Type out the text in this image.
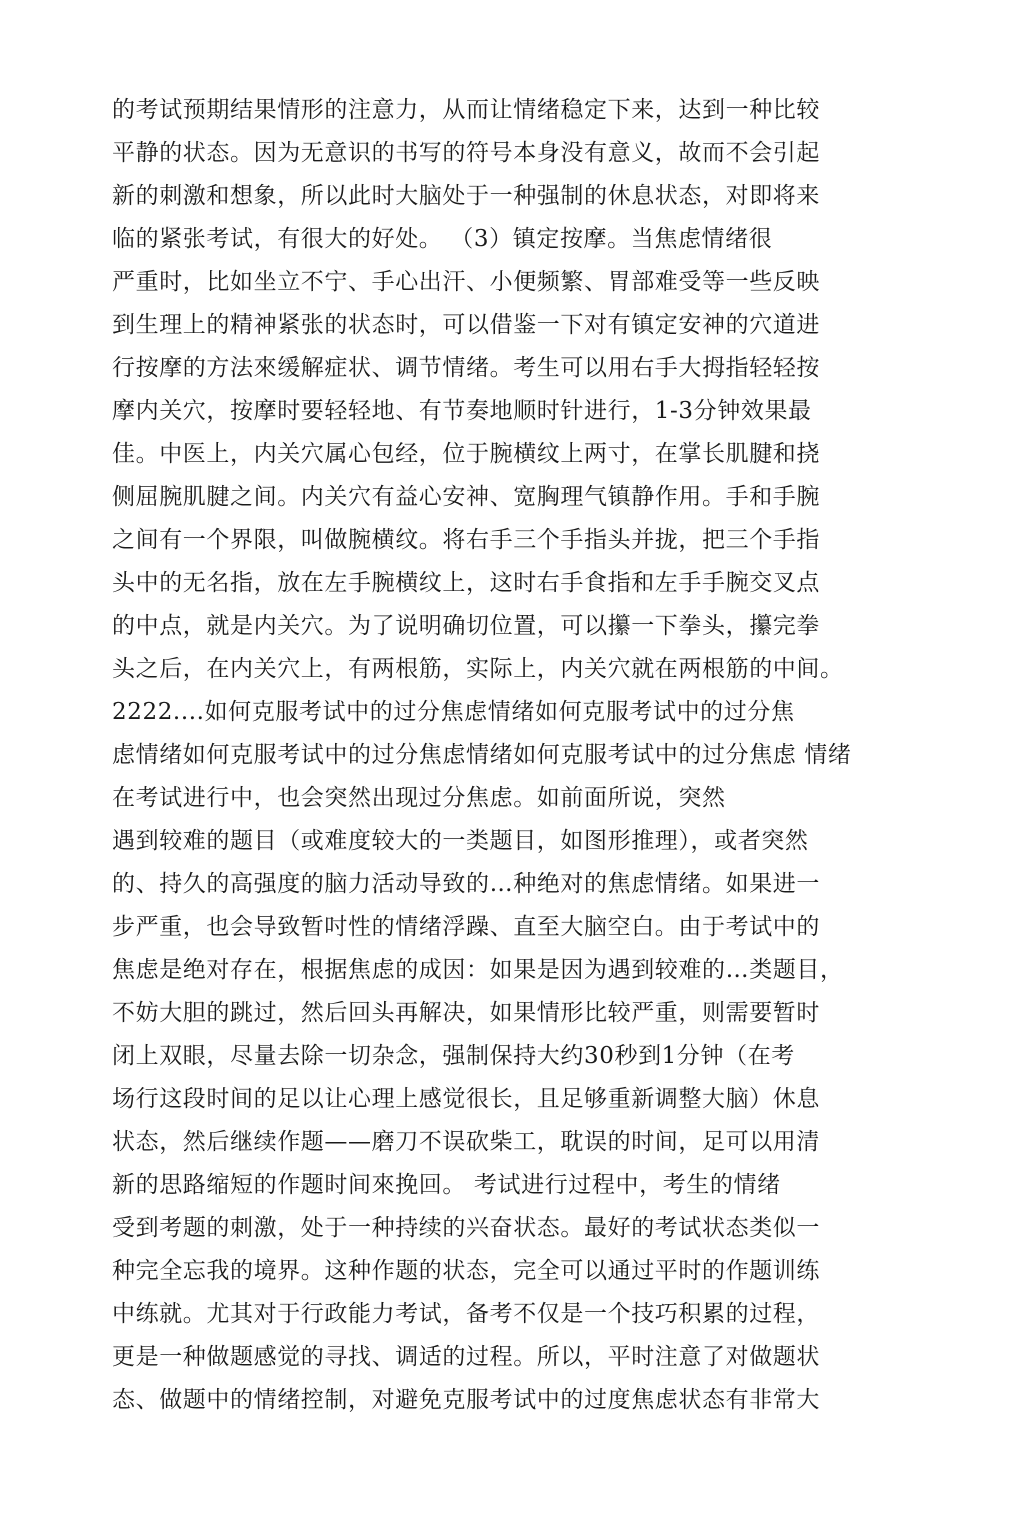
的考试预期结果情形的注意力，从而让情绪稳定下来，达到一种比较
平静的状态。因为无意识的书写的符号本身没有意义，故而不会引起
新的刺激和想象，所以此时大脑处于一种强制的休息状态，对即将来
临的紧张考试，有很大的好处。 （3）镇定按摩。当焦虑情绪很
严重时，比如坐立不宁、手心出汗、小便频繁、胃部难受等一些反映
到生理上的精神紧张的状态时，可以借鉴一下对有镇定安神的穴道进
行按摩的方法來缓解症状、调节情绪。考生可以用右手大拇指轻轻按
摩内关穴，按摩时要轻轻地、有节奏地顺时针进行，1-3分钟效果最
佳。中医上，内关穴属心包经，位于腕横纹上两寸，在掌长肌腱和挠
侧屈腕肌腱之间。内关穴有益心安神、宽胸理气镇静作用。手和手腕
之间有一个界限，叫做腕横纹。将右手三个手指头并拢，把三个手指
头中的无名指，放在左手腕横纹上，这时右手食指和左手手腕交叉点
的中点，就是内关穴。为了说明确切位置，可以攥一下拳头，攥完拳
头之后，在内关穴上，有两根筋，实际上，内关穴就在两根筋的中间。
2222....如何克服考试中的过分焦虑情绪如何克服考试中的过分焦
虑情绪如何克服考试中的过分焦虑情绪如何克服考试中的过分焦虑 情绪
在考试进行中，也会突然出现过分焦虑。如前面所说，突然
遇到较难的题目（或难度较大的一类题目，如图形推理），或者突然
的、持久的高强度的脑力活动导致的…种绝对的焦虑情绪。如果进一
步严重，也会导致暂吋性的情绪浮躁、直至大脑空白。由于考试中的
焦虑是绝对存在，根据焦虑的成因：如果是因为遇到较难的…类题目，
不妨大胆的跳过，然后回头再解决，如果情形比较严重，则需要暂时
闭上双眼，尽量去除一切杂念，强制保持大约30秒到1分钟（在考
场行这段时间的足以让心理上感觉很长，且足够重新调整大脑）休息
状态，然后继续作题——磨刀不误砍柴工，耽误的时间，足可以用清
新的思路缩短的作题时间來挽回。 考试进行过程中，考生的情绪
受到考题的刺激，处于一种持续的兴奋状态。最好的考试状态类似一
种完全忘我的境界。这种作题的状态，完全可以通过平时的作题训练
中练就。尤其对于行政能力考试，备考不仅是一个技巧积累的过程，
更是一种做题感觉的寻找、调适的过程。所以，平时注意了对做题状
态、做题中的情绪控制，对避免克服考试中的过度焦虑状态有非常大
